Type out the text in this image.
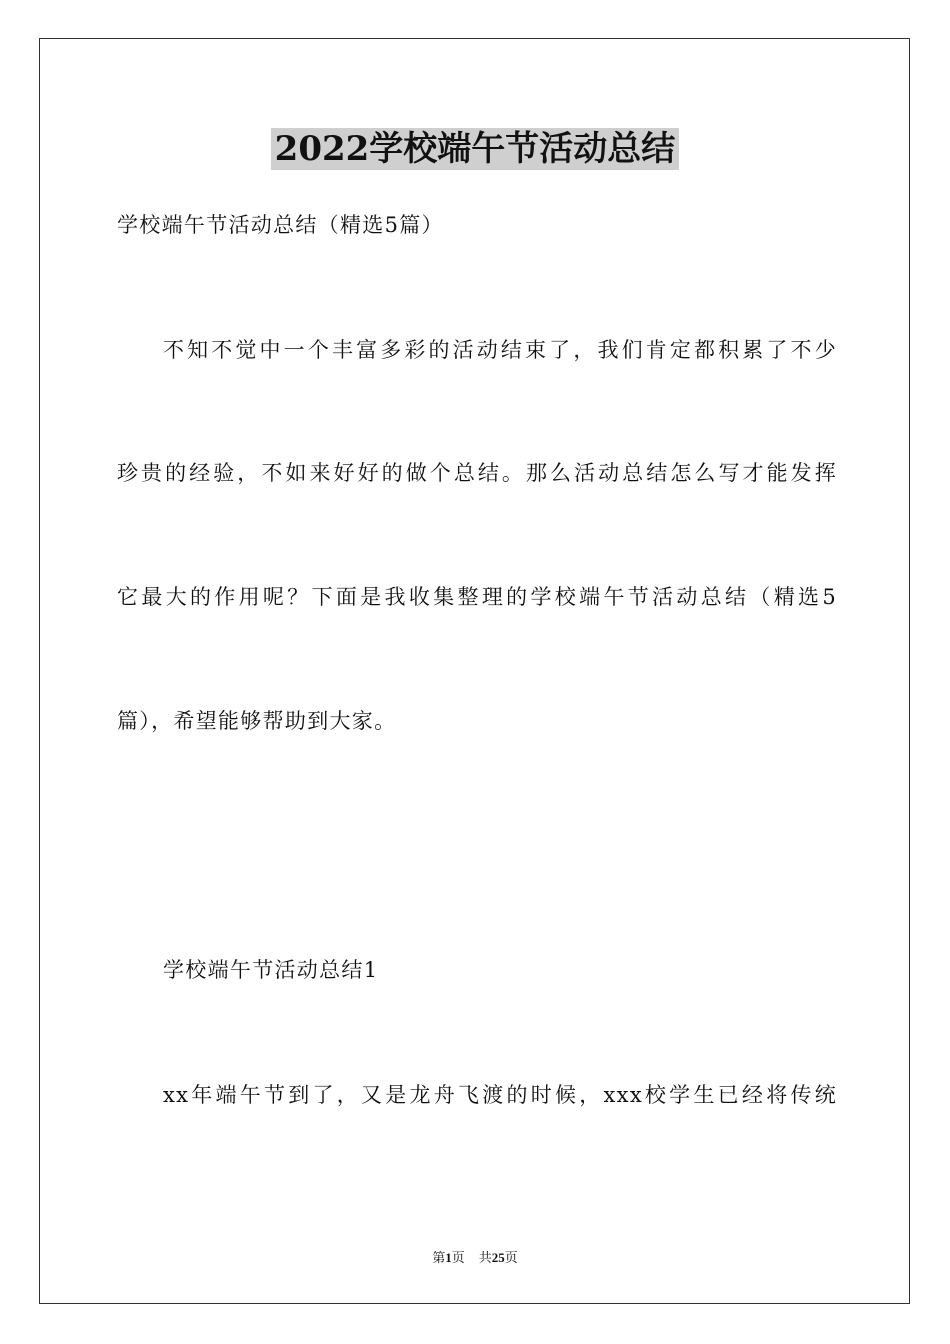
2022学校端午节活动总结
学校端午节活动总结（精选5篇）
不知不觉中一个丰富多彩的活动结束了，我们肯定都积累了不少
珍贵的经验，不如来好好的做个总结。那么活动总结怎么写才能发挥
它最大的作用呢？下面是我收集整理的学校端午节活动总结（精选5
篇），希望能够帮助到大家。
学校端午节活动总结1
xx年端午节到了，又是龙舟飞渡的时候，xxx校学生已经将传统
第1页 共25页
